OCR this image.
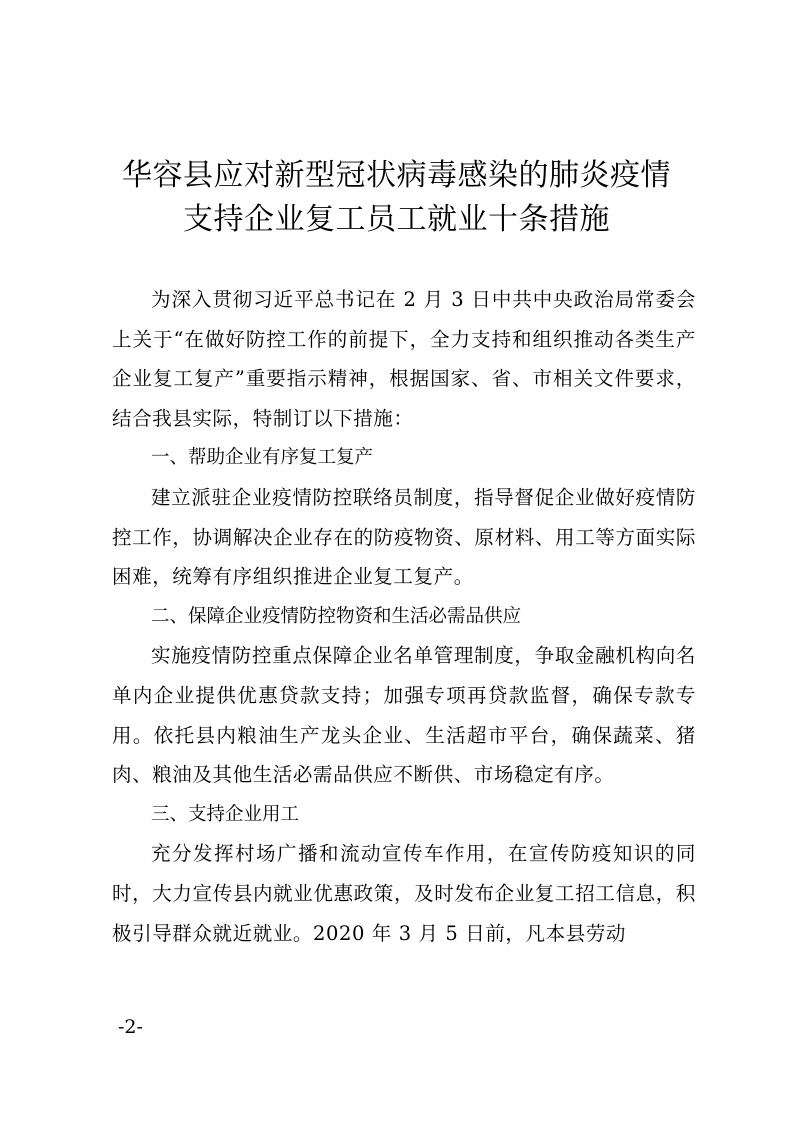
华容县应对新型冠状病毒感染的肺炎疫情
支持企业复工员工就业十条措施

为深入贯彻习近平总书记在 2 月 3 日中共中央政治局常委会上关于“在做好防控工作的前提下，全力支持和组织推动各类生产企业复工复产”重要指示精神，根据国家、省、市相关文件要求，结合我县实际，特制订以下措施：

一、帮助企业有序复工复产

建立派驻企业疫情防控联络员制度，指导督促企业做好疫情防控工作，协调解决企业存在的防疫物资、原材料、用工等方面实际困难，统筹有序组织推进企业复工复产。

二、保障企业疫情防控物资和生活必需品供应

实施疫情防控重点保障企业名单管理制度，争取金融机构向名单内企业提供优惠贷款支持；加强专项再贷款监督，确保专款专用。依托县内粮油生产龙头企业、生活超市平台，确保蔬菜、猪肉、粮油及其他生活必需品供应不断供、市场稳定有序。

三、支持企业用工

充分发挥村场广播和流动宣传车作用，在宣传防疫知识的同时，大力宣传县内就业优惠政策，及时发布企业复工招工信息，积极引导群众就近就业。2020 年 3 月 5 日前，凡本县劳动

-2-
